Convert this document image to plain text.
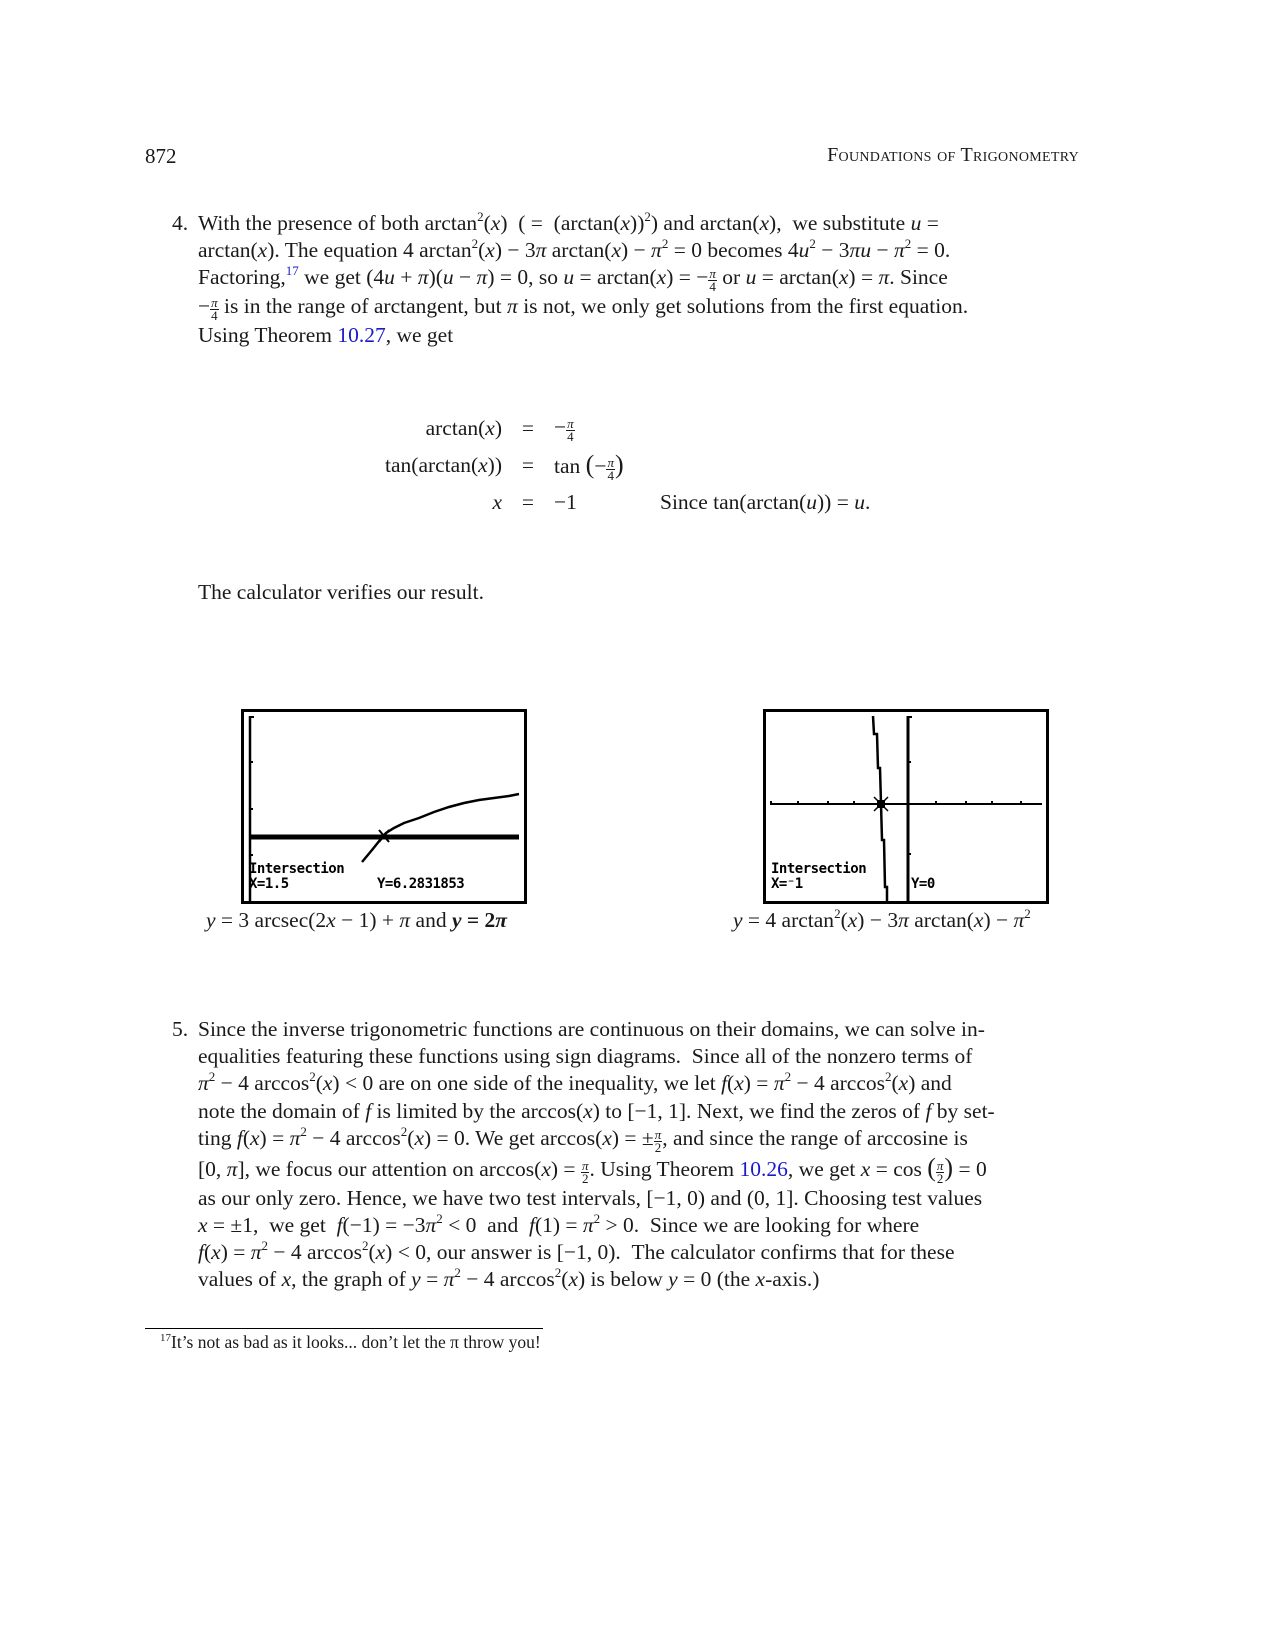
872	Foundations of Trigonometry
4. With the presence of both $\arctan^2(x)$  ( =  $(\arctan(x))^2$) and arctan(x),  we substitute u =
arctan(x). The equation 4 $\arctan^2(x) - 3\pi$ $\arctan(x) - \pi^2 = 0$ becomes $4u^2 - 3\pi u - \pi^2 = 0$.
Factoring,$^{17}$ we get (4u + π)(u − π) = 0, so u = arctan(x) = − $\frac{\pi}{4}$ or u = arctan(x) = π. Since
− $\frac{\pi}{4}$ is in the range of arctangent, but π is not, we only get solutions from the first equation.
Using Theorem 10.27, we get
arctan(x) = − $\frac{\pi}{4}$
tan(arctan(x)) = tan (− $\frac{\pi}{4}$ )
x = −1	Since tan(arctan(u)) = u.
The calculator verifies our result.
Intersection
X=1.5	Y=6.2831853
y = 3 arcsec(2x − 1) + π and y = 2π
Intersection
X=⁻1	Y=0
y = 4 $\arctan^2(x) - 3\pi$ $\arctan(x) - \pi^2$
5. Since the inverse trigonometric functions are continuous on their domains, we can solve in-
equalities featuring these functions using sign diagrams.  Since all of the nonzero terms of
$\pi^2 - 4$ $\arccos^2(x) < 0$ are on one side of the inequality, we let $f(x) = \pi^2 - 4$ $\arccos^2(x)$ and
note the domain of f is limited by the arccos(x) to [−1, 1]. Next, we find the zeros of f by set-
ting $f(x) = \pi^2 - 4$ $\arccos^2(x) = 0$. We get arccos(x) = ± $\frac{\pi}{2}$ , and since the range of arccosine is
[0, π], we focus our attention on $\arccos(x) = \frac{\pi}{2}$ . Using Theorem 10.26, we get x = cos ( $\frac{\pi}{2}$ ) = 0
as our only zero. Hence, we have two test intervals, [−1, 0) and (0, 1]. Choosing test values
x = ±1,  we get  $f(-1) = -3\pi^2 < 0$  and  $f(1) = \pi^2 > 0$.  Since we are looking for where
$f(x) = \pi^2 - 4$ $\arccos^2(x) < 0$, our answer is [−1, 0).  The calculator confirms that for these
values of x, the graph of $y = \pi^2 - 4$ $\arccos^2(x)$ is below y = 0 (the x-axis.)
$^{17}$It’s not as bad as it looks... don’t let the π throw you!
